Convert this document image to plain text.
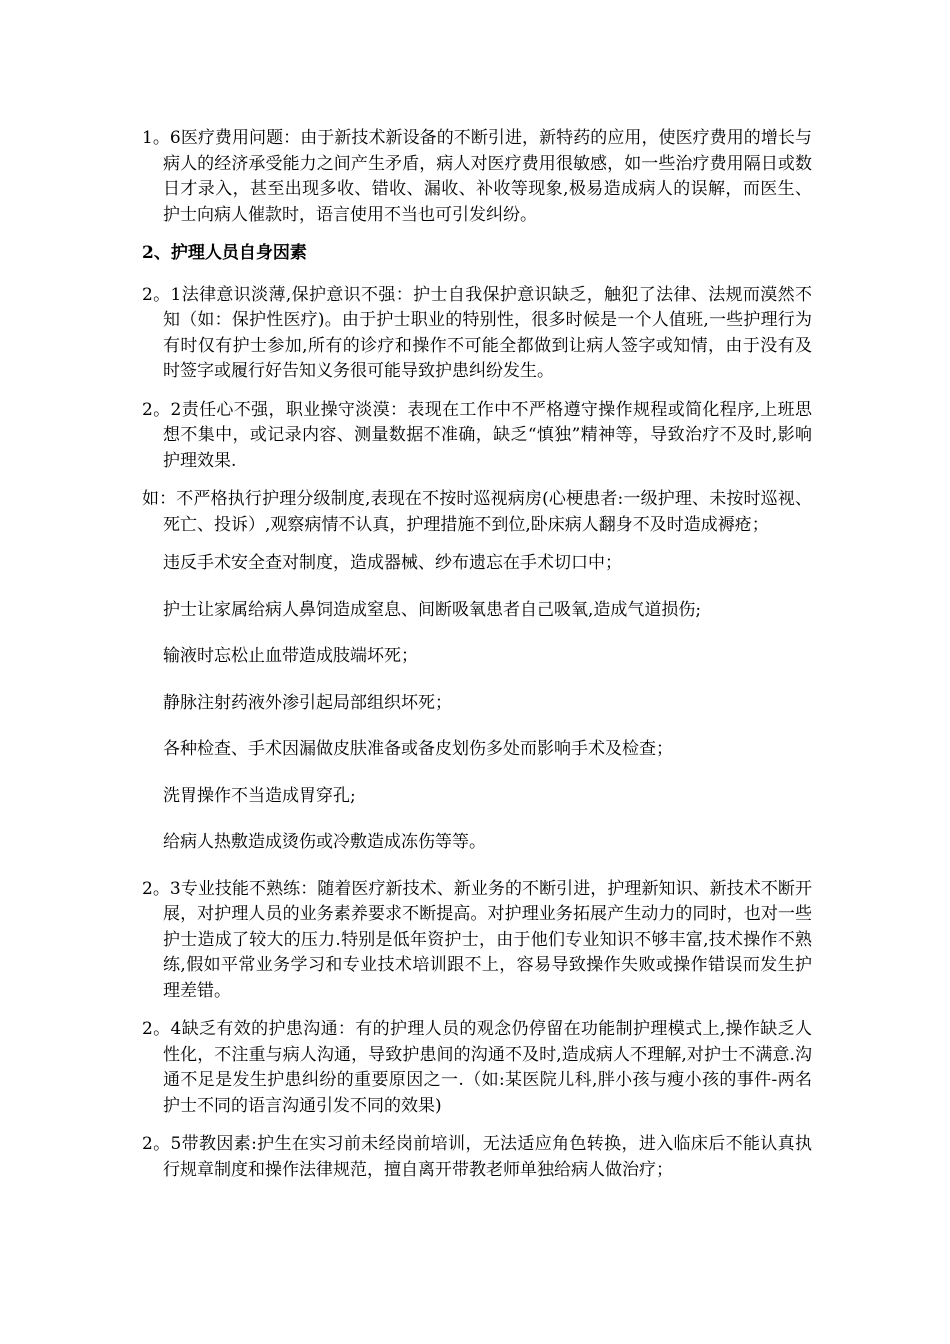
1。6医疗费用问题：由于新技术新设备的不断引进，新特药的应用，使医疗费用的增长与病人的经济承受能力之间产生矛盾，病人对医疗费用很敏感，如一些治疗费用隔日或数日才录入，甚至出现多收、错收、漏收、补收等现象,极易造成病人的误解，而医生、护士向病人催款时，语言使用不当也可引发纠纷。

2、护理人员自身因素

2。1法律意识淡薄,保护意识不强：护士自我保护意识缺乏，触犯了法律、法规而漠然不知（如：保护性医疗)。由于护士职业的特别性，很多时候是一个人值班,一些护理行为有时仅有护士参加,所有的诊疗和操作不可能全都做到让病人签字或知情，由于没有及时签字或履行好告知义务很可能导致护患纠纷发生。

2。2责任心不强，职业操守淡漠：表现在工作中不严格遵守操作规程或简化程序,上班思想不集中，或记录内容、测量数据不准确，缺乏“慎独”精神等，导致治疗不及时,影响护理效果.

如：不严格执行护理分级制度,表现在不按时巡视病房(心梗患者:一级护理、未按时巡视、死亡、投诉）,观察病情不认真，护理措施不到位,卧床病人翻身不及时造成褥疮；

违反手术安全查对制度，造成器械、纱布遗忘在手术切口中；

护士让家属给病人鼻饲造成窒息、间断吸氧患者自己吸氧,造成气道损伤;

输液时忘松止血带造成肢端坏死；

静脉注射药液外渗引起局部组织坏死；

各种检查、手术因漏做皮肤准备或备皮划伤多处而影响手术及检查；

洗胃操作不当造成胃穿孔;

给病人热敷造成烫伤或冷敷造成冻伤等等。

2。3专业技能不熟练：随着医疗新技术、新业务的不断引进，护理新知识、新技术不断开展，对护理人员的业务素养要求不断提高。对护理业务拓展产生动力的同时，也对一些护士造成了较大的压力.特别是低年资护士，由于他们专业知识不够丰富,技术操作不熟练,假如平常业务学习和专业技术培训跟不上，容易导致操作失败或操作错误而发生护理差错。

2。4缺乏有效的护患沟通：有的护理人员的观念仍停留在功能制护理模式上,操作缺乏人性化，不注重与病人沟通，导致护患间的沟通不及时,造成病人不理解,对护士不满意.沟通不足是发生护患纠纷的重要原因之一.（如:某医院儿科,胖小孩与瘦小孩的事件-两名护士不同的语言沟通引发不同的效果)

2。5带教因素:护生在实习前未经岗前培训，无法适应角色转换，进入临床后不能认真执行规章制度和操作法律规范，擅自离开带教老师单独给病人做治疗；
